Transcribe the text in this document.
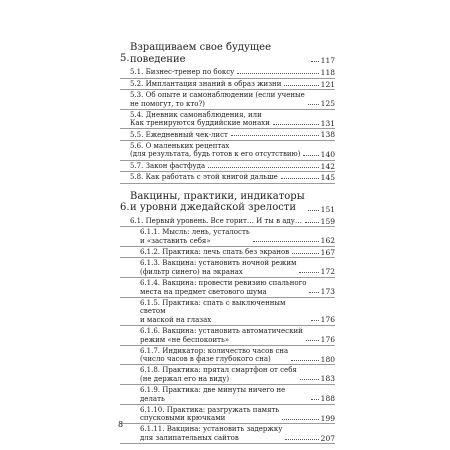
5.
Взращиваем свое будущее поведение	117
5.1. Бизнес-тренер по боксу	118
5.2. Имплантация знаний в образ жизни	121
5.3. Об опыте и самонаблюдении (если ученые
не помогут, то кто?)	125
5.4. Дневник самонаблюдения, или
Как тренируются буддийские монахи	131
5.5. Ежедневный чек-лист	138
5.6. О маленьких рецептах
(для результата, будь готов к его отсутствию)	140
5.7. Закон фастфуда	142
5.8. Как работать с этой книгой дальше	145
6.
Вакцины, практики, индикаторы
и уровни джедайской зрелости	151
6.1. Первый уровень. Все горит… И ты в аду…	159
6.1.1. Мысль: лень, усталость
и «заставить себя»	162
6.1.2. Практика: лечь спать без экранов	167
6.1.3. Вакцина: установить ночной режим
(фильтр синего) на экранах	172
6.1.4. Вакцина: провести ревизию спального
места на предмет светового шума	173
6.1.5. Практика: спать с выключенным светом
и маской на глазах	176
6.1.6. Вакцина: установить автоматический
режим «не беспокоить»	176
6.1.7. Индикатор: количество часов сна
(число часов в фазе глубокого сна)	180
6.1.8. Практика: прятал смартфон от себя
(не держал его на виду)	183
6.1.9. Практика: две минуты ничего не делать	188
6.1.10. Практика: разгружать память
спусковыми крючками	199
6.1.11. Вакцина: установить задержку
для залипательных сайтов	207
8
